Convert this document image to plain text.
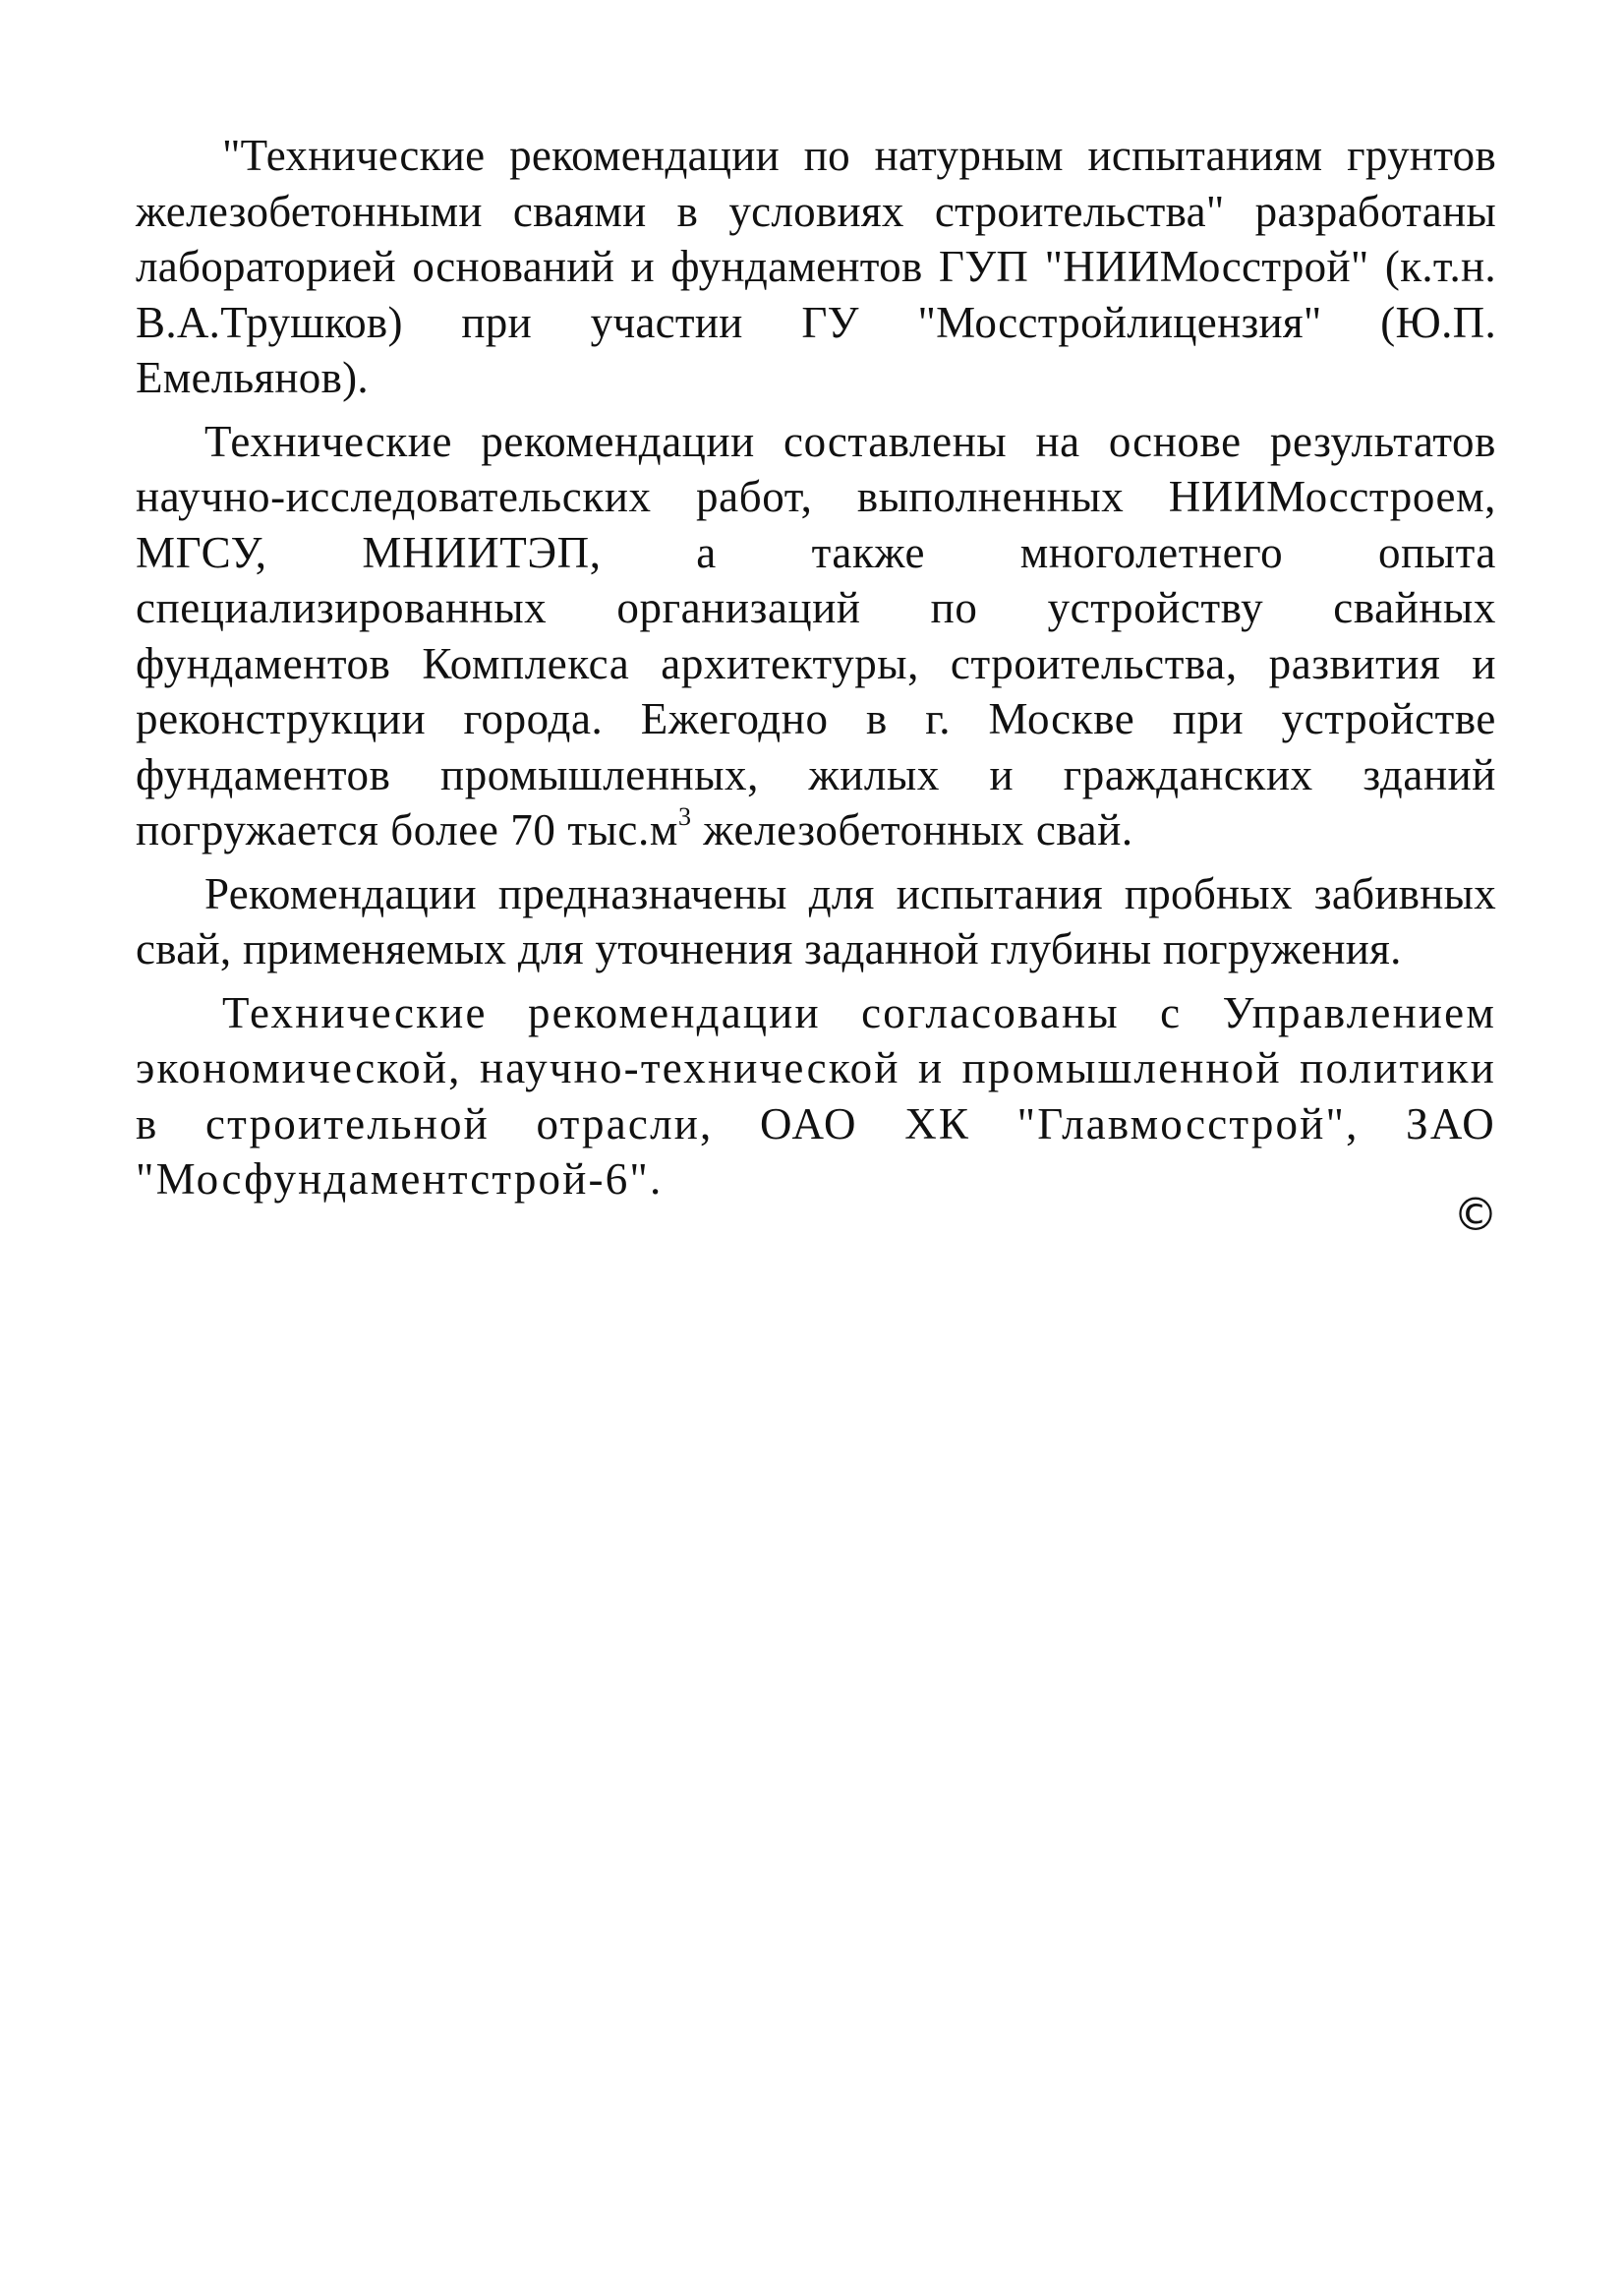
"Технические рекомендации по натурным испытаниям грунтов железобетонными сваями в условиях строительства" разработаны лабораторией оснований и фундаментов ГУП "НИИМосстрой" (к.т.н. В.А.Трушков) при участии ГУ "Мосстройлицензия" (Ю.П. Емельянов).

Технические рекомендации составлены на основе результатов научно-исследовательских работ, выполненных НИИМосстроем, МГСУ, МНИИТЭП, а также многолетнего опыта специализированных организаций по устройству свайных фундаментов Комплекса архитектуры, строительства, развития и реконструкции города. Ежегодно в г. Москве при устройстве фундаментов промышленных, жилых и гражданских зданий погружается более 70 $тыс.м^3$ железобетонных свай.

Рекомендации предназначены для испытания пробных забивных свай, применяемых для уточнения заданной глубины погружения.

Технические рекомендации согласованы с Управлением экономической, научно-технической и промышленной политики в строительной отрасли, ОАО ХК "Главмосстрой", ЗАО "Мосфундаментстрой-6".

©
